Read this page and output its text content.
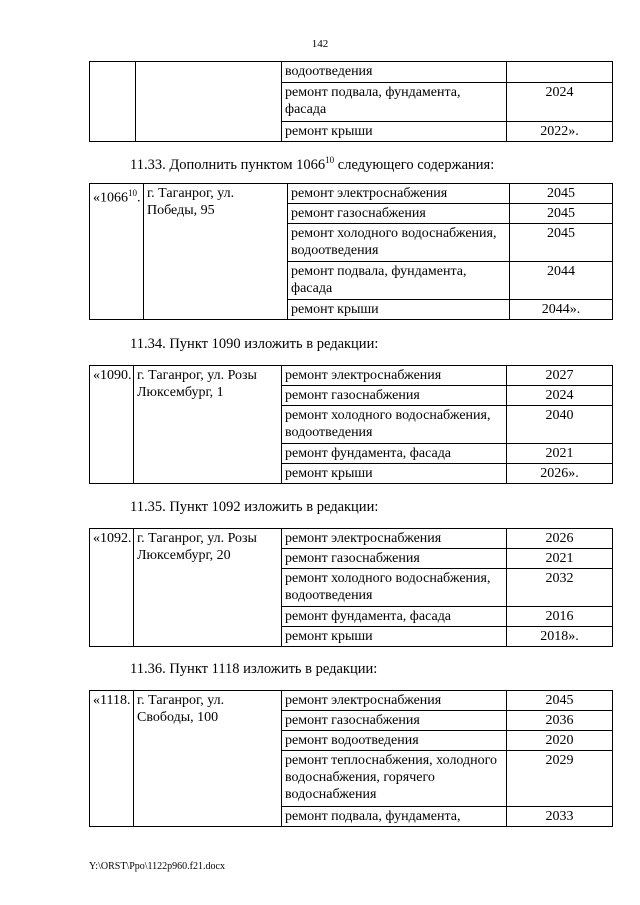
142
		водоотведения	
		ремонт подвала, фундамента, фасада	2024
		ремонт крыши	2022».
11.33. Дополнить пунктом 1066$^{10}$ следующего содержания:
«1066$^{10}$.	г. Таганрог, ул. Победы, 95	ремонт электроснабжения	2045
		ремонт газоснабжения	2045
		ремонт холодного водоснабжения, водоотведения	2045
		ремонт подвала, фундамента, фасада	2044
		ремонт крыши	2044».
11.34. Пункт 1090 изложить в редакции:
«1090.	г. Таганрог, ул. Розы Люксембург, 1	ремонт электроснабжения	2027
		ремонт газоснабжения	2024
		ремонт холодного водоснабжения, водоотведения	2040
		ремонт фундамента, фасада	2021
		ремонт крыши	2026».
11.35. Пункт 1092 изложить в редакции:
«1092.	г. Таганрог, ул. Розы Люксембург, 20	ремонт электроснабжения	2026
		ремонт газоснабжения	2021
		ремонт холодного водоснабжения, водоотведения	2032
		ремонт фундамента, фасада	2016
		ремонт крыши	2018».
11.36. Пункт 1118 изложить в редакции:
«1118.	г. Таганрог, ул. Свободы, 100	ремонт электроснабжения	2045
		ремонт газоснабжения	2036
		ремонт водоотведения	2020
		ремонт теплоснабжения, холодного водоснабжения, горячего водоснабжения	2029
		ремонт подвала, фундамента,	2033
Y:\ORST\Ppo\1122p960.f21.docx
